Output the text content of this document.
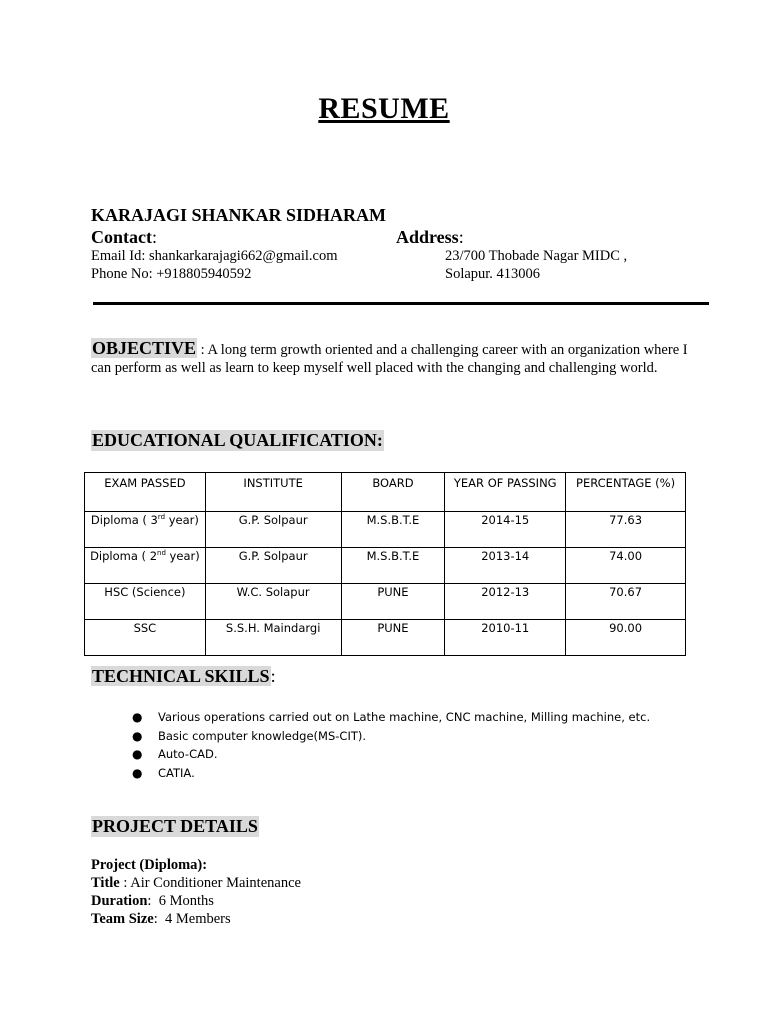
RESUME
KARAJAGI SHANKAR SIDHARAM
Contact:	Address:
Email Id: shankarkarajagi662@gmail.com
Phone No: +918805940592
23/700 Thobade Nagar MIDC ,
Solapur. 413006
OBJECTIVE : A long term growth oriented and a challenging career with an organization where I can perform as well as learn to keep myself well placed with the changing and challenging world.
EDUCATIONAL QUALIFICATION:
EXAM PASSED	INSTITUTE	BOARD	YEAR OF PASSING	PERCENTAGE (%)
Diploma ( 3rd year)	G.P. Solpaur	M.S.B.T.E	2014-15	77.63
Diploma ( 2nd year)	G.P. Solpaur	M.S.B.T.E	2013-14	74.00
HSC (Science)	W.C. Solapur	PUNE	2012-13	70.67
SSC	S.S.H. Maindargi	PUNE	2010-11	90.00
TECHNICAL SKILLS:
● Various operations carried out on Lathe machine, CNC machine, Milling machine, etc.
● Basic computer knowledge(MS-CIT).
● Auto-CAD.
● CATIA.
PROJECT DETAILS
Project (Diploma):
Title : Air Conditioner Maintenance
Duration:  6 Months
Team Size:  4 Members
